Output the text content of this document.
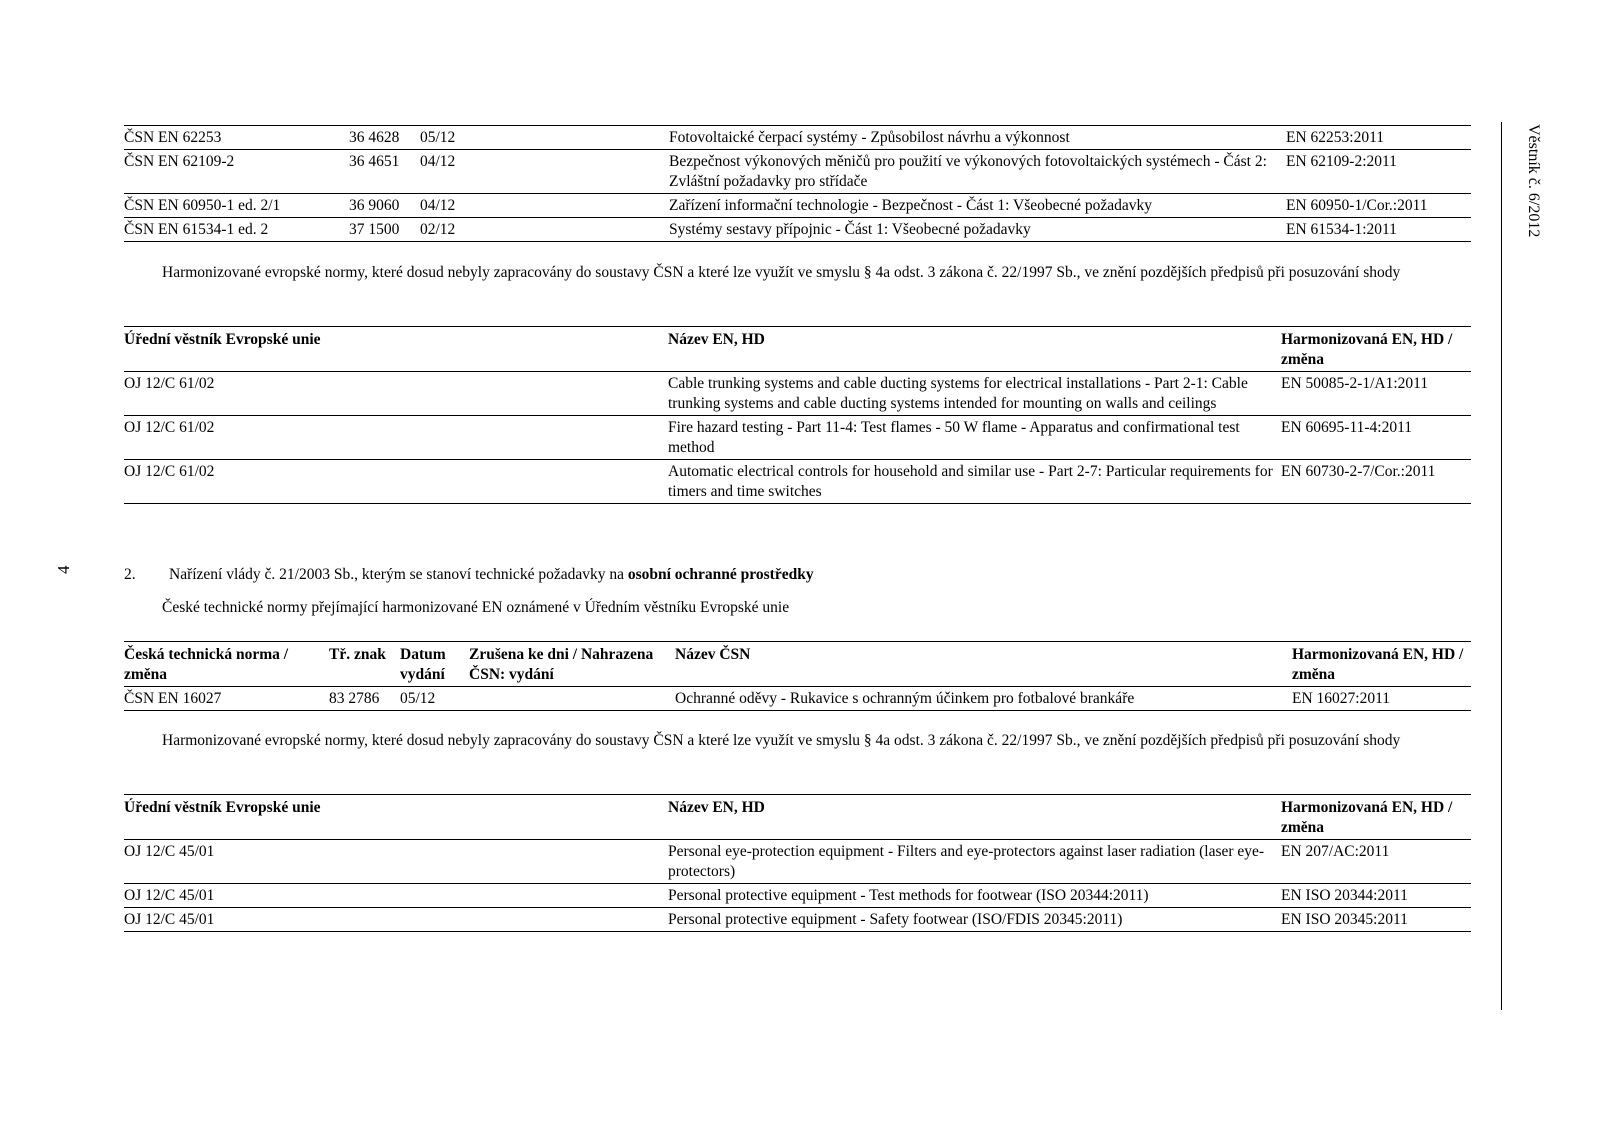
Věstník č. 6/2012
4
ČSN EN 62253	36 4628	05/12		Fotovoltaické čerpací systémy - Způsobilost návrhu a výkonnost	EN 62253:2011
ČSN EN 62109-2	36 4651	04/12		Bezpečnost výkonových měničů pro použití ve výkonových fotovoltaických systémech - Část 2: Zvláštní požadavky pro střídače	EN 62109-2:2011
ČSN EN 60950-1 ed. 2/1	36 9060	04/12		Zařízení informační technologie - Bezpečnost - Část 1: Všeobecné požadavky	EN 60950-1/Cor.:2011
ČSN EN 61534-1 ed. 2	37 1500	02/12		Systémy sestavy přípojnic - Část 1: Všeobecné požadavky	EN 61534-1:2011
Harmonizované evropské normy, které dosud nebyly zapracovány do soustavy ČSN a které lze využít ve smyslu § 4a odst. 3 zákona č. 22/1997 Sb., ve znění pozdějších předpisů při posuzování shody
Úřední věstník Evropské unie	Název EN, HD	Harmonizovaná EN, HD / změna
OJ 12/C 61/02	Cable trunking systems and cable ducting systems for electrical installations - Part 2-1: Cable trunking systems and cable ducting systems intended for mounting on walls and ceilings	EN 50085-2-1/A1:2011
OJ 12/C 61/02	Fire hazard testing - Part 11-4: Test flames - 50 W flame - Apparatus and confirmational test method	EN 60695-11-4:2011
OJ 12/C 61/02	Automatic electrical controls for household and similar use - Part 2-7: Particular requirements for timers and time switches	EN 60730-2-7/Cor.:2011
2. Nařízení vlády č. 21/2003 Sb., kterým se stanoví technické požadavky na osobní ochranné prostředky
České technické normy přejímající harmonizované EN oznámené v Úředním věstníku Evropské unie
Česká technická norma / změna	Tř. znak	Datum vydání	Zrušena ke dni / Nahrazena ČSN: vydání	Název ČSN	Harmonizovaná EN, HD / změna
ČSN EN 16027	83 2786	05/12		Ochranné oděvy - Rukavice s ochranným účinkem pro fotbalové brankáře	EN 16027:2011
Harmonizované evropské normy, které dosud nebyly zapracovány do soustavy ČSN a které lze využít ve smyslu § 4a odst. 3 zákona č. 22/1997 Sb., ve znění pozdějších předpisů při posuzování shody
Úřední věstník Evropské unie	Název EN, HD	Harmonizovaná EN, HD / změna
OJ 12/C 45/01	Personal eye-protection equipment - Filters and eye-protectors against laser radiation (laser eye-protectors)	EN 207/AC:2011
OJ 12/C 45/01	Personal protective equipment - Test methods for footwear (ISO 20344:2011)	EN ISO 20344:2011
OJ 12/C 45/01	Personal protective equipment - Safety footwear (ISO/FDIS 20345:2011)	EN ISO 20345:2011
